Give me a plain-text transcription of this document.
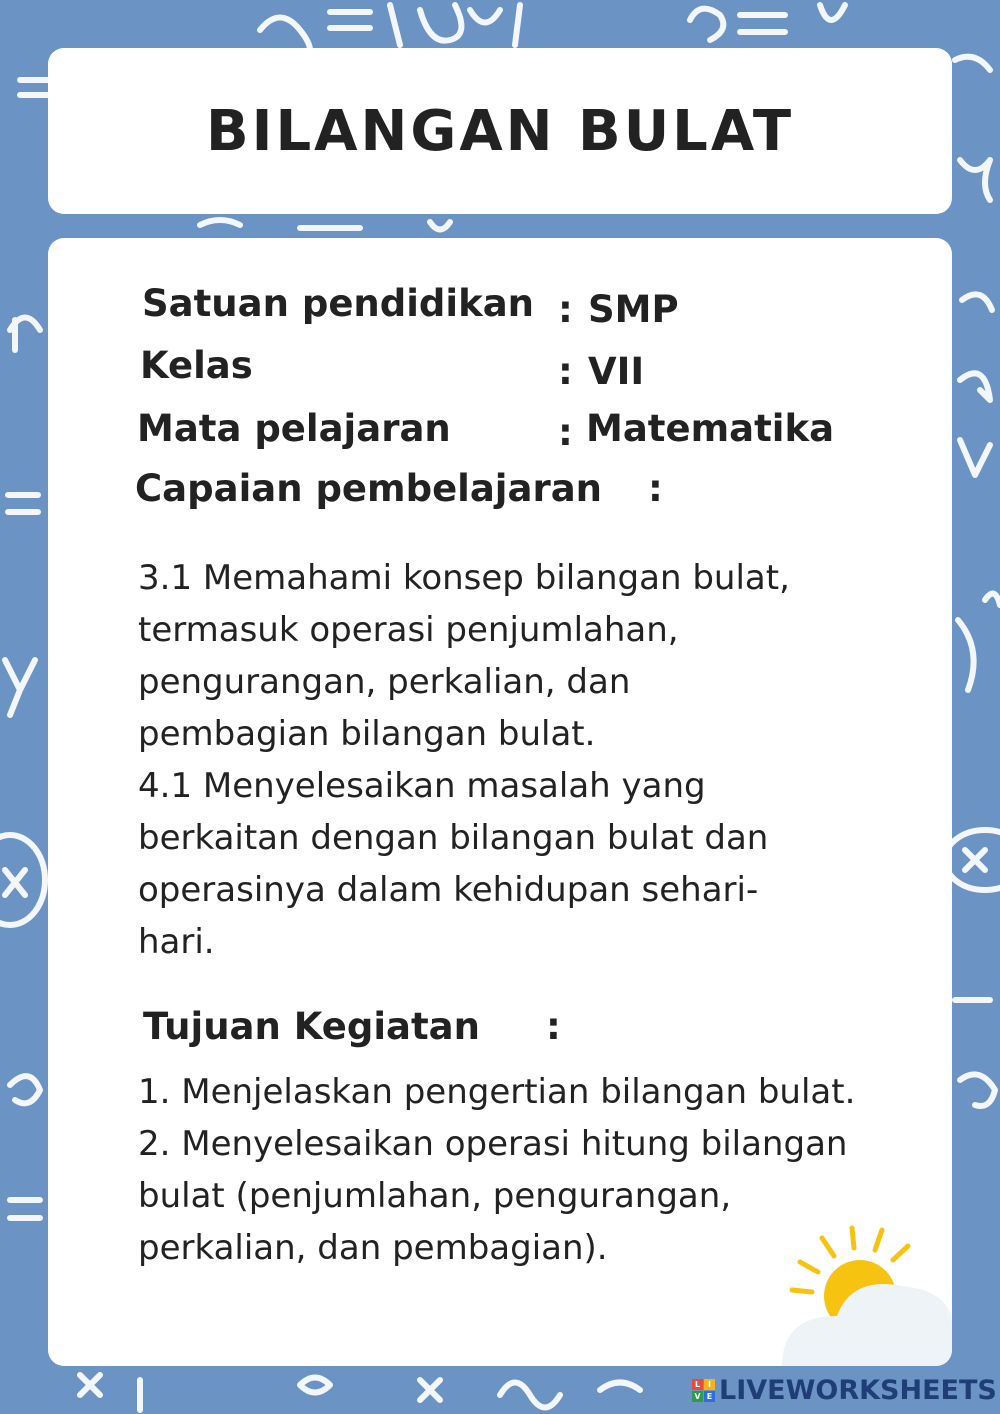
BILANGAN BULAT
Satuan pendidikan : SMP
Kelas	: VII
Mata pelajaran	: Matematika
Capaian pembelajaran :
3.1 Memahami konsep bilangan bulat,
termasuk operasi penjumlahan,
pengurangan, perkalian, dan
pembagian bilangan bulat.
4.1 Menyelesaikan masalah yang
berkaitan dengan bilangan bulat dan
operasinya dalam kehidupan sehari-
hari.
Tujuan Kegiatan :
1. Menjelaskan pengertian bilangan bulat.
2. Menyelesaikan operasi hitung bilangan
bulat (penjumlahan, pengurangan,
perkalian, dan pembagian).
L I
V E LIVEWORKSHEETS
